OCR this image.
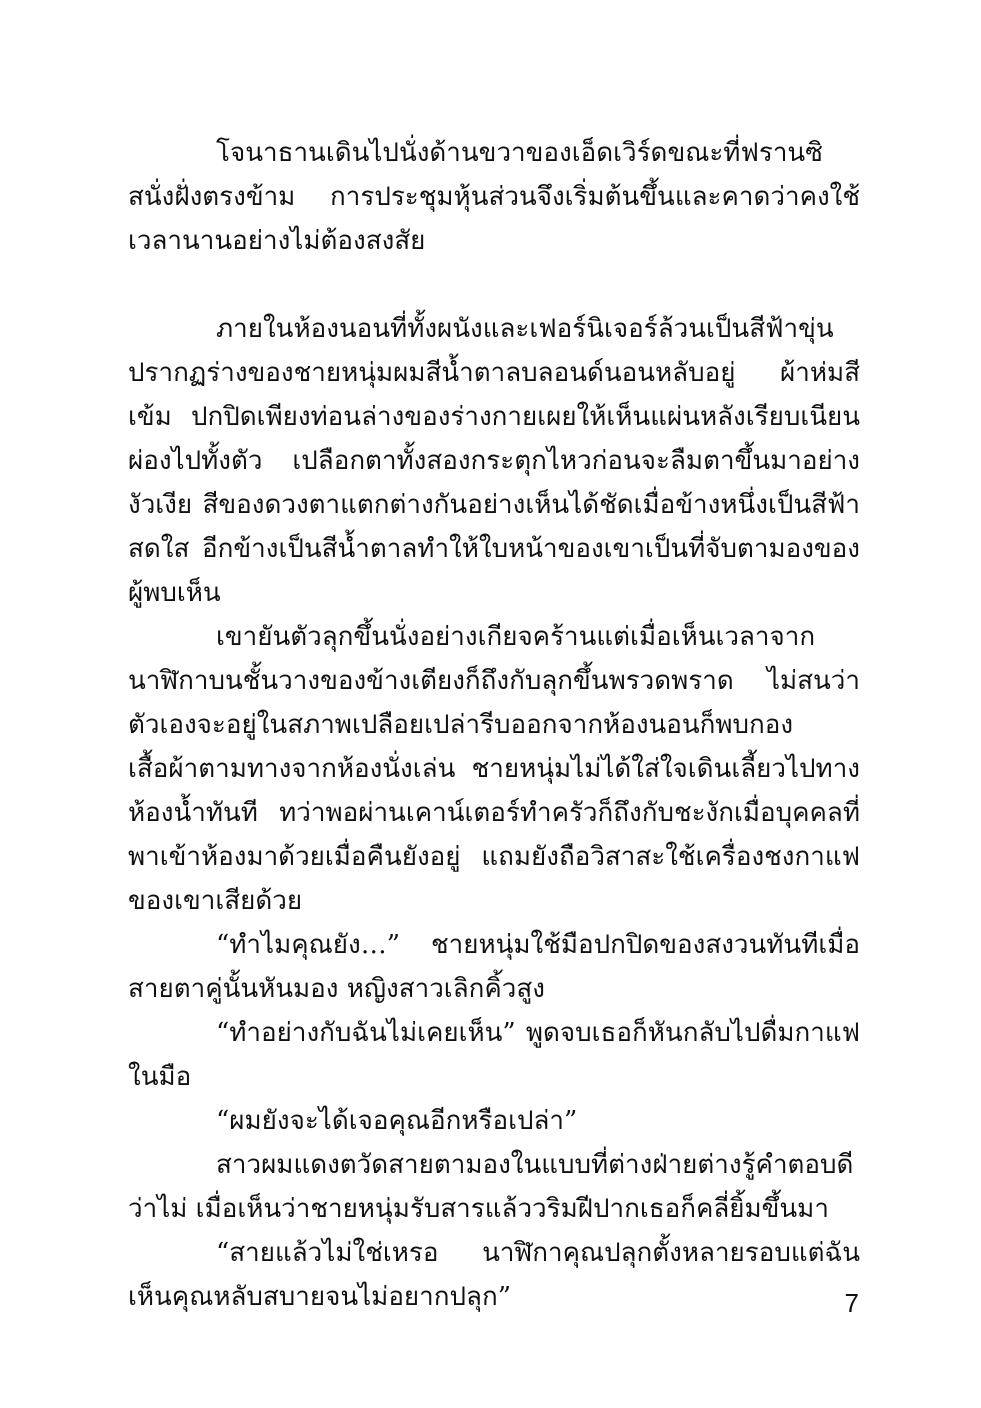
โจนาธานเดินไปนั่งด้านขวาของเอ็ดเวิร์ดขณะที่ฟรานซิสนั่งฝั่งตรงข้าม การประชุมหุ้นส่วนจึงเริ่มต้นขึ้นและคาดว่าคงใช้เวลานานอย่างไม่ต้องสงสัย

ภายในห้องนอนที่ทั้งผนังและเฟอร์นิเจอร์ล้วนเป็นสีฟ้าขุ่น ปรากฏร่างของชายหนุ่มผมสีน้ำตาลบลอนด์นอนหลับอยู่ ผ้าห่มสีเข้ม ปกปิดเพียงท่อนล่างของร่างกายเผยให้เห็นแผ่นหลังเรียบเนียนผ่องไปทั้งตัว เปลือกตาทั้งสองกระตุกไหวก่อนจะลืมตาขึ้นมาอย่างงัวเงีย สีของดวงตาแตกต่างกันอย่างเห็นได้ชัดเมื่อข้างหนึ่งเป็นสีฟ้าสดใส อีกข้างเป็นสีน้ำตาลทำให้ใบหน้าของเขาเป็นที่จับตามองของผู้พบเห็น

เขายันตัวลุกขึ้นนั่งอย่างเกียจคร้านแต่เมื่อเห็นเวลาจากนาฬิกาบนชั้นวางของข้างเตียงก็ถึงกับลุกขึ้นพรวดพราด ไม่สนว่าตัวเองจะอยู่ในสภาพเปลือยเปล่ารีบออกจากห้องนอนก็พบกองเสื้อผ้าตามทางจากห้องนั่งเล่น ชายหนุ่มไม่ได้ใส่ใจเดินเลี้ยวไปทางห้องน้ำทันที ทว่าพอผ่านเคาน์เตอร์ทำครัวก็ถึงกับชะงักเมื่อบุคคลที่พาเข้าห้องมาด้วยเมื่อคืนยังอยู่ แถมยังถือวิสาสะใช้เครื่องชงกาแฟของเขาเสียด้วย

“ทำไมคุณยัง…” ชายหนุ่มใช้มือปกปิดของสงวนทันทีเมื่อสายตาคู่นั้นหันมอง หญิงสาวเลิกคิ้วสูง

“ทำอย่างกับฉันไม่เคยเห็น” พูดจบเธอก็หันกลับไปดื่มกาแฟในมือ

“ผมยังจะได้เจอคุณอีกหรือเปล่า”

สาวผมแดงตวัดสายตามองในแบบที่ต่างฝ่ายต่างรู้คำตอบดีว่าไม่ เมื่อเห็นว่าชายหนุ่มรับสารแล้ววริมฝีปากเธอก็คลี่ยิ้มขึ้นมา

“สายแล้วไม่ใช่เหรอ นาฬิกาคุณปลุกตั้งหลายรอบแต่ฉันเห็นคุณหลับสบายจนไม่อยากปลุก”	7
